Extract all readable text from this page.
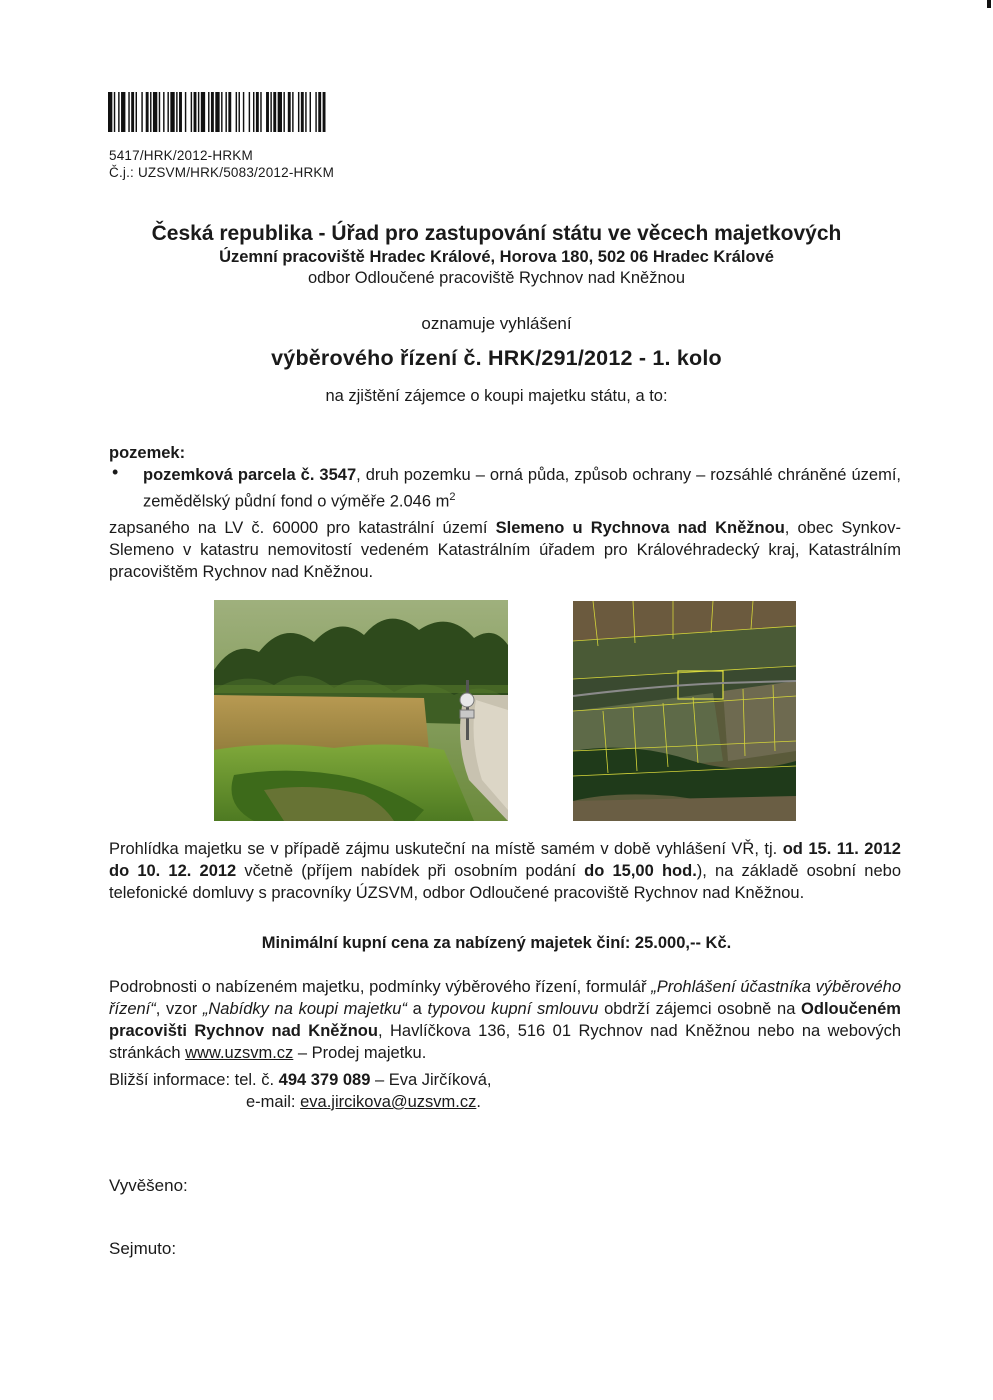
5417/HRK/2012-HRKM
Č.j.: UZSVM/HRK/5083/2012-HRKM
Česká republika - Úřad pro zastupování státu ve věcech majetkových
Územní pracoviště Hradec Králové, Horova 180, 502 06 Hradec Králové
odbor Odloučené pracoviště Rychnov nad Kněžnou
oznamuje vyhlášení
výběrového řízení č. HRK/291/2012 - 1. kolo
na zjištění zájemce o koupi majetku státu, a to:
pozemek:
• pozemková parcela č. 3547, druh pozemku – orná půda, způsob ochrany – rozsáhlé chráněné území, zemědělský půdní fond o výměře 2.046 $m^2$
zapsaného na LV č. 60000 pro katastrální území Slemeno u Rychnova nad Kněžnou, obec Synkov-Slemeno v katastru nemovitostí vedeném Katastrálním úřadem pro Královéhradecký kraj, Katastrálním pracovištěm Rychnov nad Kněžnou.
Prohlídka majetku se v případě zájmu uskuteční na místě samém v době vyhlášení VŘ, tj. od 15. 11. 2012 do 10. 12. 2012 včetně (příjem nabídek při osobním podání do 15,00 hod.), na základě osobní nebo telefonické domluvy s pracovníky ÚZSVM, odbor Odloučené pracoviště Rychnov nad Kněžnou.
Minimální kupní cena za nabízený majetek činí: 25.000,-- Kč.
Podrobnosti o nabízeném majetku, podmínky výběrového řízení, formulář „Prohlášení účastníka výběrového řízení“, vzor „Nabídky na koupi majetku“ a typovou kupní smlouvu obdrží zájemci osobně na Odloučeném pracovišti Rychnov nad Kněžnou, Havlíčkova 136, 516 01 Rychnov nad Kněžnou nebo na webových stránkách www.uzsvm.cz – Prodej majetku.
Bližší informace: tel. č. 494 379 089 – Eva Jirčíková,
e-mail: eva.jircikova@uzsvm.cz.
Vyvěšeno:
Sejmuto:
